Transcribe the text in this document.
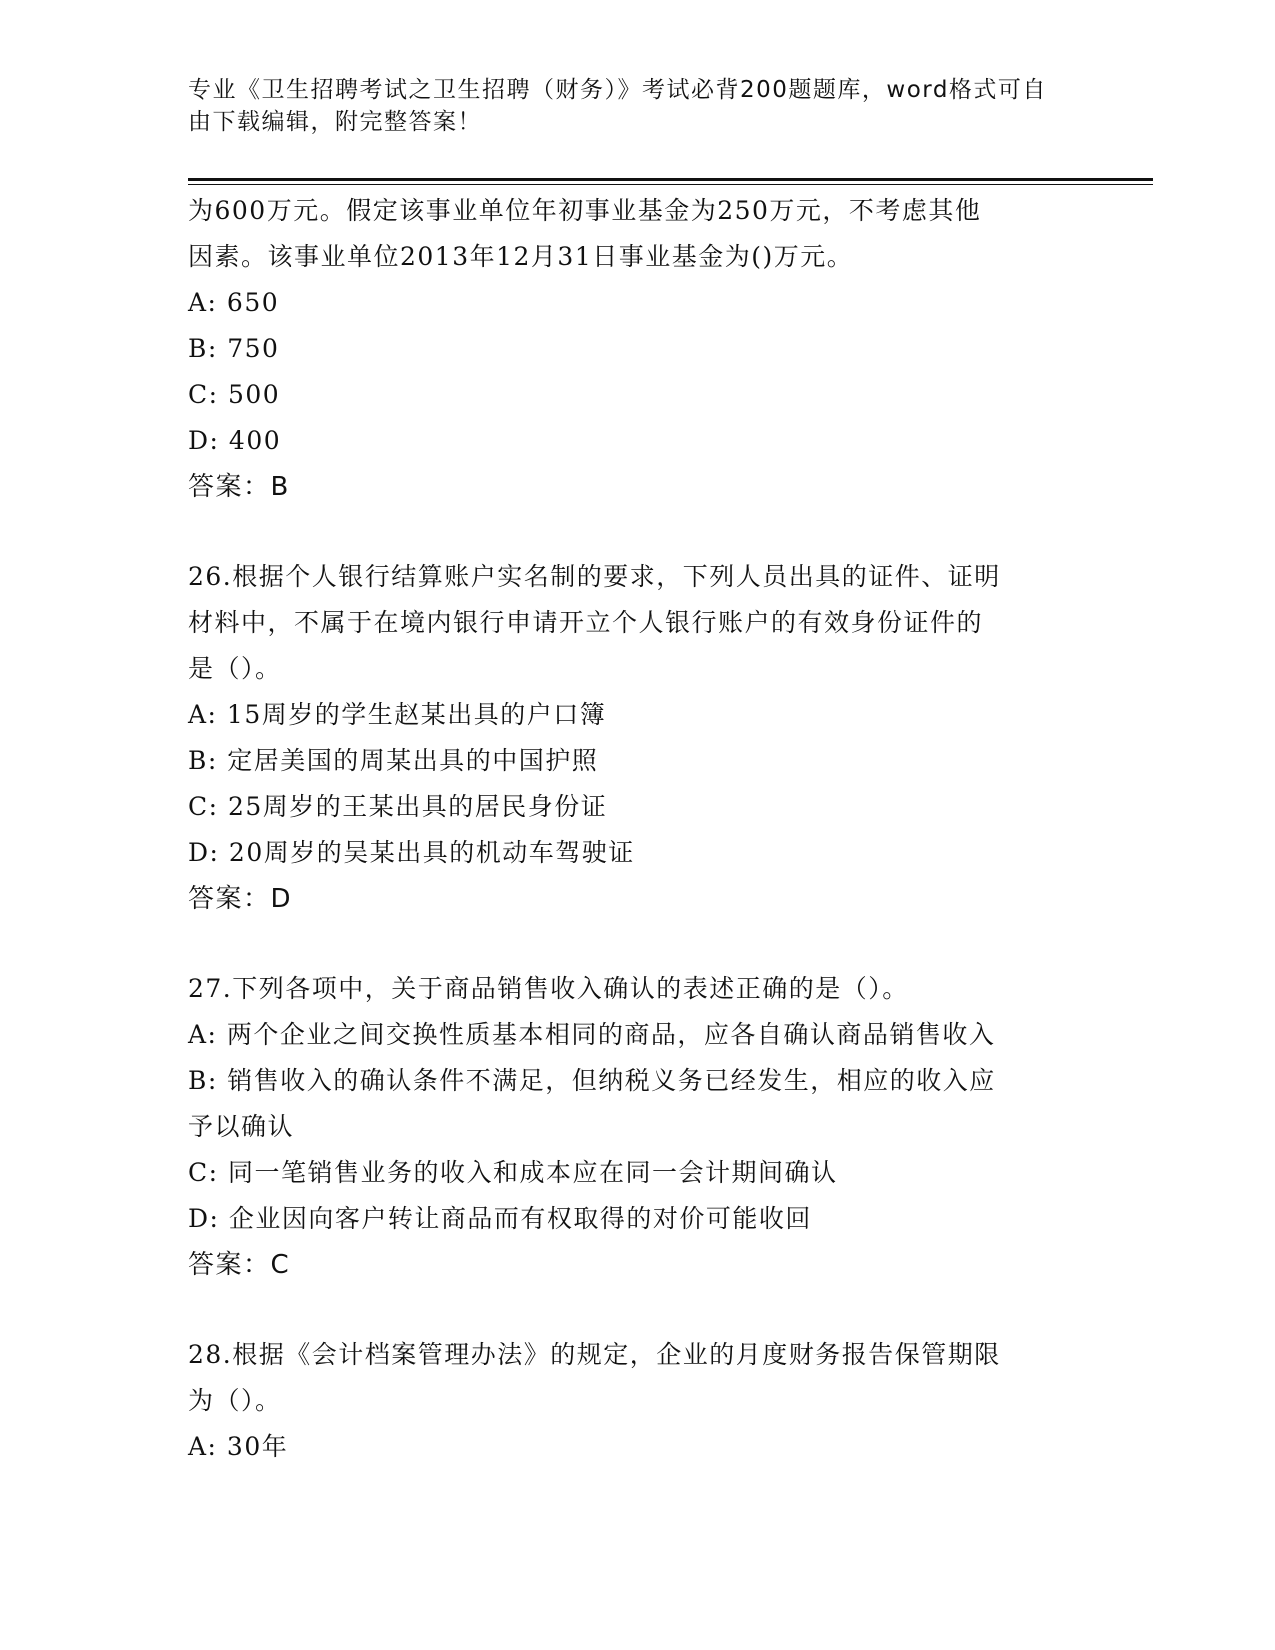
专业《卫生招聘考试之卫生招聘（财务）》考试必背200题题库，word格式可自
由下载编辑，附完整答案！
为600万元。假定该事业单位年初事业基金为250万元，不考虑其他
因素。该事业单位2013年12月31日事业基金为()万元。
A: 650
B: 750
C: 500
D: 400
答案：B
26.根据个人银行结算账户实名制的要求，下列人员出具的证件、证明
材料中，不属于在境内银行申请开立个人银行账户的有效身份证件的
是（）。
A: 15周岁的学生赵某出具的户口簿
B: 定居美国的周某出具的中国护照
C: 25周岁的王某出具的居民身份证
D: 20周岁的吴某出具的机动车驾驶证
答案：D
27.下列各项中，关于商品销售收入确认的表述正确的是（）。
A: 两个企业之间交换性质基本相同的商品，应各自确认商品销售收入
B: 销售收入的确认条件不满足，但纳税义务已经发生，相应的收入应
予以确认
C: 同一笔销售业务的收入和成本应在同一会计期间确认
D: 企业因向客户转让商品而有权取得的对价可能收回
答案：C
28.根据《会计档案管理办法》的规定，企业的月度财务报告保管期限
为（）。
A: 30年
